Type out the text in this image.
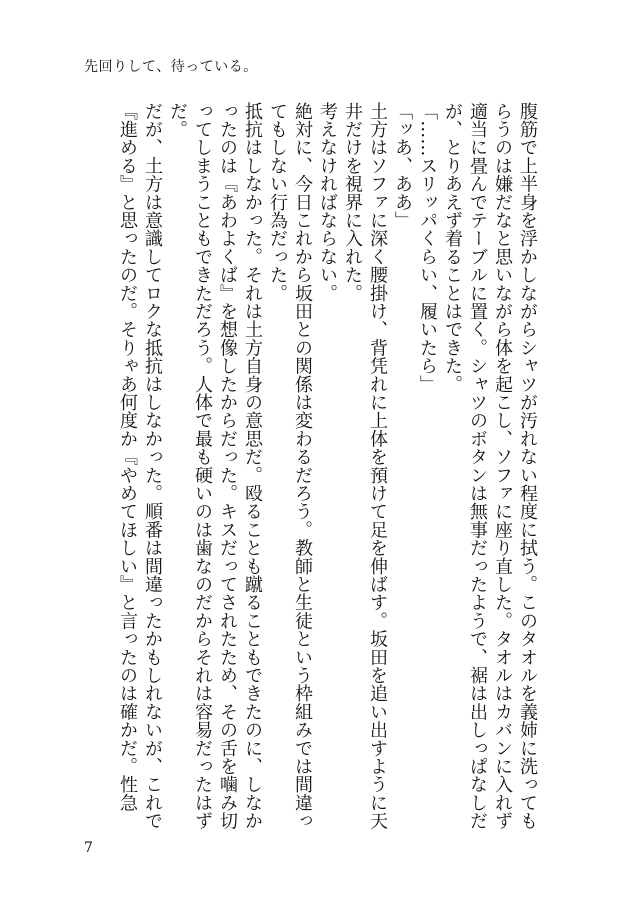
先回りして、待っている。

腹筋で上半身を浮かしながらシャツが汚れない程度に拭う。このタオルを義姉に洗ってもらうのは嫌だなと思いながら体を起こし、ソファに座り直した。タオルはカバンに入れず適当に畳んでテーブルに置く。シャツのボタンは無事だったようで、裾は出しっぱなしだが、とりあえず着ることはできた。

「……スリッパくらい、履いたら」

「ッあ、ああ」

土方はソファに深く腰掛け、背凭れに上体を預けて足を伸ばす。坂田を追い出すように天井だけを視界に入れた。

考えなければならない。

絶対に、今日これから坂田との関係は変わるだろう。教師と生徒という枠組みでは間違ってもしない行為だった。

抵抗はしなかった。それは土方自身の意思だ。殴ることも蹴ることもできたのに、しなかったのは『あわよくば』を想像したからだった。キスだってされたため、その舌を噛み切ってしまうこともできただろう。人体で最も硬いのは歯なのだからそれは容易だったはずだ。

だが、土方は意識してロクな抵抗はしなかった。順番は間違ったかもしれないが、これで『進める』と思ったのだ。そりゃあ何度か『やめてほしい』と言ったのは確かだ。性急

7
